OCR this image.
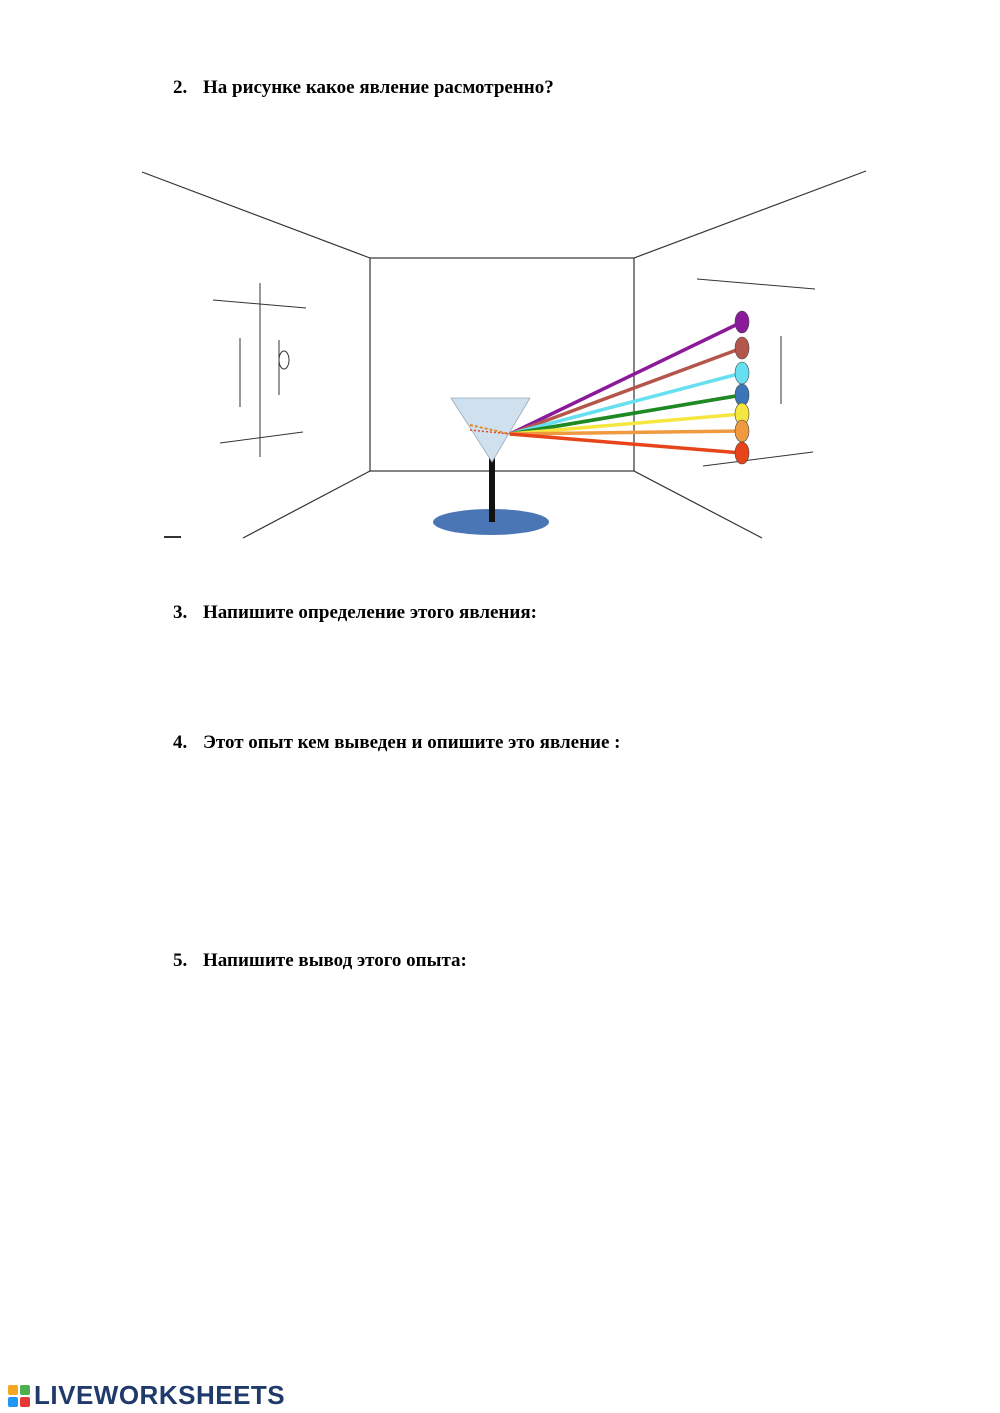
2. На рисунке какое явление расмотренно?

3. Напишите определение этого явления:

4. Этот опыт кем выведен и опишите это явление :

5. Напишите вывод этого опыта:

LIVEWORKSHEETS
